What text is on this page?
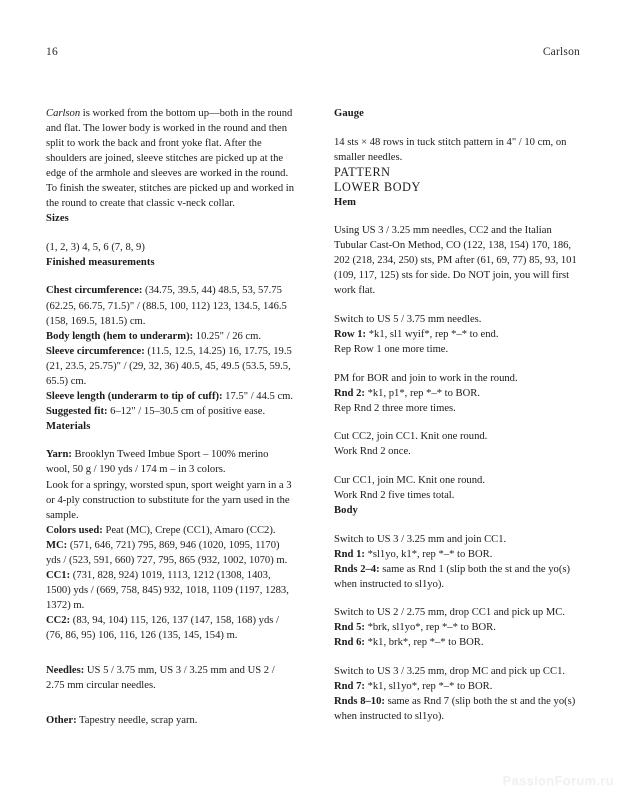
16	Carlson

Carlson is worked from the bottom up—both in the round and flat. The lower body is worked in the round and then split to work the back and front yoke flat. After the shoulders are joined, sleeve stitches are picked up at the edge of the armhole and sleeves are worked in the round. To finish the sweater, stitches are picked up and worked in the round to create that classic v-neck collar.

Sizes

(1, 2, 3) 4, 5, 6 (7, 8, 9)

Finished measurements

Chest circumference: (34.75, 39.5, 44) 48.5, 53, 57.75 (62.25, 66.75, 71.5)" / (88.5, 100, 112) 123, 134.5, 146.5 (158, 169.5, 181.5) cm.

Body length (hem to underarm): 10.25" / 26 cm.

Sleeve circumference: (11.5, 12.5, 14.25) 16, 17.75, 19.5 (21, 23.5, 25.75)" / (29, 32, 36) 40.5, 45, 49.5 (53.5, 59.5, 65.5) cm.

Sleeve length (underarm to tip of cuff): 17.5" / 44.5 cm.

Suggested fit: 6–12" / 15–30.5 cm of positive ease.

Materials

Yarn: Brooklyn Tweed Imbue Sport – 100% merino wool, 50 g / 190 yds / 174 m – in 3 colors.

Look for a springy, worsted spun, sport weight yarn in a 3 or 4-ply construction to substitute for the yarn used in the sample.

Colors used: Peat (MC), Crepe (CC1), Amaro (CC2).

MC: (571, 646, 721) 795, 869, 946 (1020, 1095, 1170) yds / (523, 591, 660) 727, 795, 865 (932, 1002, 1070) m.

CC1: (731, 828, 924) 1019, 1113, 1212 (1308, 1403, 1500) yds / (669, 758, 845) 932, 1018, 1109 (1197, 1283, 1372) m.

CC2: (83, 94, 104) 115, 126, 137 (147, 158, 168) yds / (76, 86, 95) 106, 116, 126 (135, 145, 154) m.

Needles: US 5 / 3.75 mm, US 3 / 3.25 mm and US 2 / 2.75 mm circular needles.

Other: Tapestry needle, scrap yarn.

Gauge

14 sts × 48 rows in tuck stitch pattern in 4" / 10 cm, on smaller needles.

PATTERN
LOWER BODY
Hem

Using US 3 / 3.25 mm needles, CC2 and the Italian Tubular Cast-On Method, CO (122, 138, 154) 170, 186, 202 (218, 234, 250) sts, PM after (61, 69, 77) 85, 93, 101 (109, 117, 125) sts for side. Do NOT join, you will first work flat.

Switch to US 5 / 3.75 mm needles.

Row 1: *k1, sl1 wyif*, rep *–* to end.

Rep Row 1 one more time.

PM for BOR and join to work in the round.

Rnd 2: *k1, p1*, rep *–* to BOR.

Rep Rnd 2 three more times.

Cut CC2, join CC1. Knit one round.

Work Rnd 2 once.

Cur CC1, join MC. Knit one round.

Work Rnd 2 five times total.

Body

Switch to US 3 / 3.25 mm and join CC1.

Rnd 1: *sl1yo, k1*, rep *–* to BOR.

Rnds 2–4: same as Rnd 1 (slip both the st and the yo(s) when instructed to sl1yo).

Switch to US 2 / 2.75 mm, drop CC1 and pick up MC.

Rnd 5: *brk, sl1yo*, rep *–* to BOR.

Rnd 6: *k1, brk*, rep *–* to BOR.

Switch to US 3 / 3.25 mm, drop MC and pick up CC1.

Rnd 7: *k1, sl1yo*, rep *–* to BOR.

Rnds 8–10: same as Rnd 7 (slip both the st and the yo(s) when instructed to sl1yo).

PassionForum.ru
